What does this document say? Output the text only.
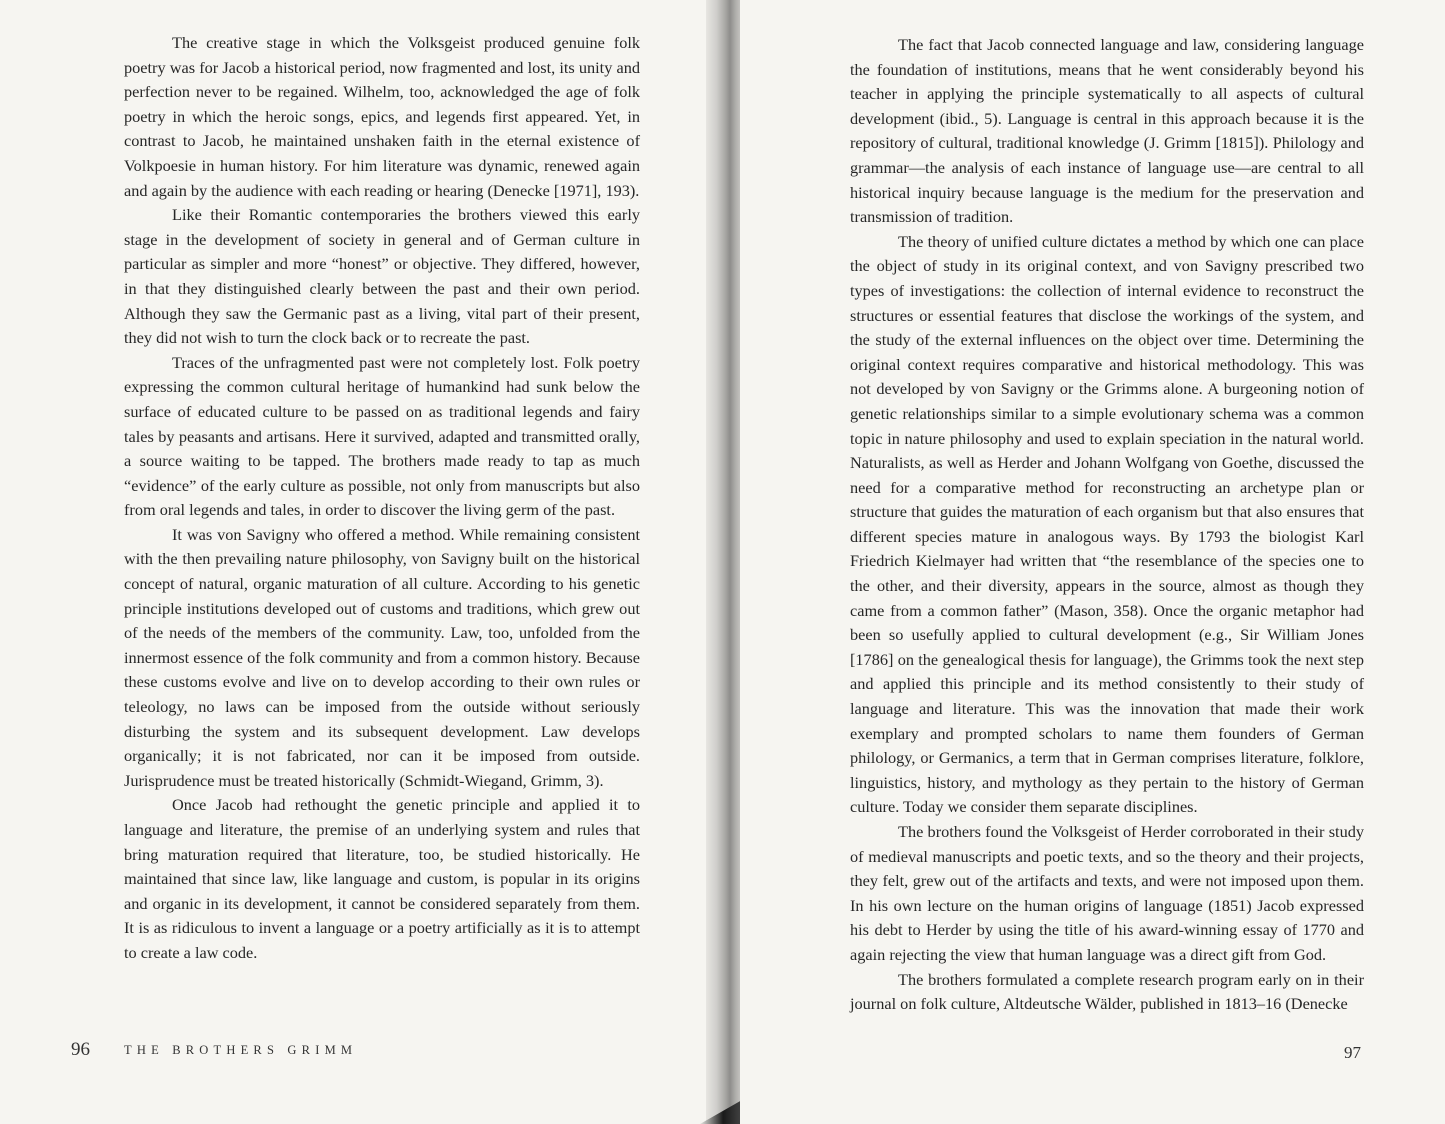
The creative stage in which the Volksgeist produced genuine folk poetry was for Jacob a historical period, now fragmented and lost, its unity and perfection never to be regained. Wilhelm, too, acknowledged the age of folk poetry in which the heroic songs, epics, and legends first appeared. Yet, in contrast to Jacob, he maintained unshaken faith in the eternal existence of Volkpoesie in human history. For him literature was dynamic, renewed again and again by the audience with each reading or hearing (Denecke [1971], 193).

Like their Romantic contemporaries the brothers viewed this early stage in the development of society in general and of German culture in particular as simpler and more “honest” or objective. They differed, however, in that they distinguished clearly between the past and their own period. Although they saw the Germanic past as a living, vital part of their present, they did not wish to turn the clock back or to recreate the past.

Traces of the unfragmented past were not completely lost. Folk poetry expressing the common cultural heritage of humankind had sunk below the surface of educated culture to be passed on as traditional legends and fairy tales by peasants and artisans. Here it survived, adapted and transmitted orally, a source waiting to be tapped. The brothers made ready to tap as much “evidence” of the early culture as possible, not only from manuscripts but also from oral legends and tales, in order to discover the living germ of the past.

It was von Savigny who offered a method. While remaining consistent with the then prevailing nature philosophy, von Savigny built on the historical concept of natural, organic maturation of all culture. According to his genetic principle institutions developed out of customs and traditions, which grew out of the needs of the members of the community. Law, too, unfolded from the innermost essence of the folk community and from a common history. Because these customs evolve and live on to develop according to their own rules or teleology, no laws can be imposed from the outside without seriously disturbing the system and its subsequent development. Law develops organically; it is not fabricated, nor can it be imposed from outside. Jurisprudence must be treated historically (Schmidt-Wiegand, Grimm, 3).

Once Jacob had rethought the genetic principle and applied it to language and literature, the premise of an underlying system and rules that bring maturation required that literature, too, be studied historically. He maintained that since law, like language and custom, is popular in its origins and organic in its development, it cannot be considered separately from them. It is as ridiculous to invent a language or a poetry artificially as it is to attempt to create a law code.

96	THE BROTHERS GRIMM

The fact that Jacob connected language and law, considering language the foundation of institutions, means that he went considerably beyond his teacher in applying the principle systematically to all aspects of cultural development (ibid., 5). Language is central in this approach because it is the repository of cultural, traditional knowledge (J. Grimm [1815]). Philology and grammar—the analysis of each instance of language use—are central to all historical inquiry because language is the medium for the preservation and transmission of tradition.

The theory of unified culture dictates a method by which one can place the object of study in its original context, and von Savigny prescribed two types of investigations: the collection of internal evidence to reconstruct the structures or essential features that disclose the workings of the system, and the study of the external influences on the object over time. Determining the original context requires comparative and historical methodology. This was not developed by von Savigny or the Grimms alone. A burgeoning notion of genetic relationships similar to a simple evolutionary schema was a common topic in nature philosophy and used to explain speciation in the natural world. Naturalists, as well as Herder and Johann Wolfgang von Goethe, discussed the need for a comparative method for reconstructing an archetype plan or structure that guides the maturation of each organism but that also ensures that different species mature in analogous ways. By 1793 the biologist Karl Friedrich Kielmayer had written that “the resemblance of the species one to the other, and their diversity, appears in the source, almost as though they came from a common father” (Mason, 358). Once the organic metaphor had been so usefully applied to cultural development (e.g., Sir William Jones [1786] on the genealogical thesis for language), the Grimms took the next step and applied this principle and its method consistently to their study of language and literature. This was the innovation that made their work exemplary and prompted scholars to name them founders of German philology, or Germanics, a term that in German comprises literature, folklore, linguistics, history, and mythology as they pertain to the history of German culture. Today we consider them separate disciplines.

The brothers found the Volksgeist of Herder corroborated in their study of medieval manuscripts and poetic texts, and so the theory and their projects, they felt, grew out of the artifacts and texts, and were not imposed upon them. In his own lecture on the human origins of language (1851) Jacob expressed his debt to Herder by using the title of his award-winning essay of 1770 and again rejecting the view that human language was a direct gift from God.

The brothers formulated a complete research program early on in their journal on folk culture, Altdeutsche Wälder, published in 1813–16 (Denecke

97
